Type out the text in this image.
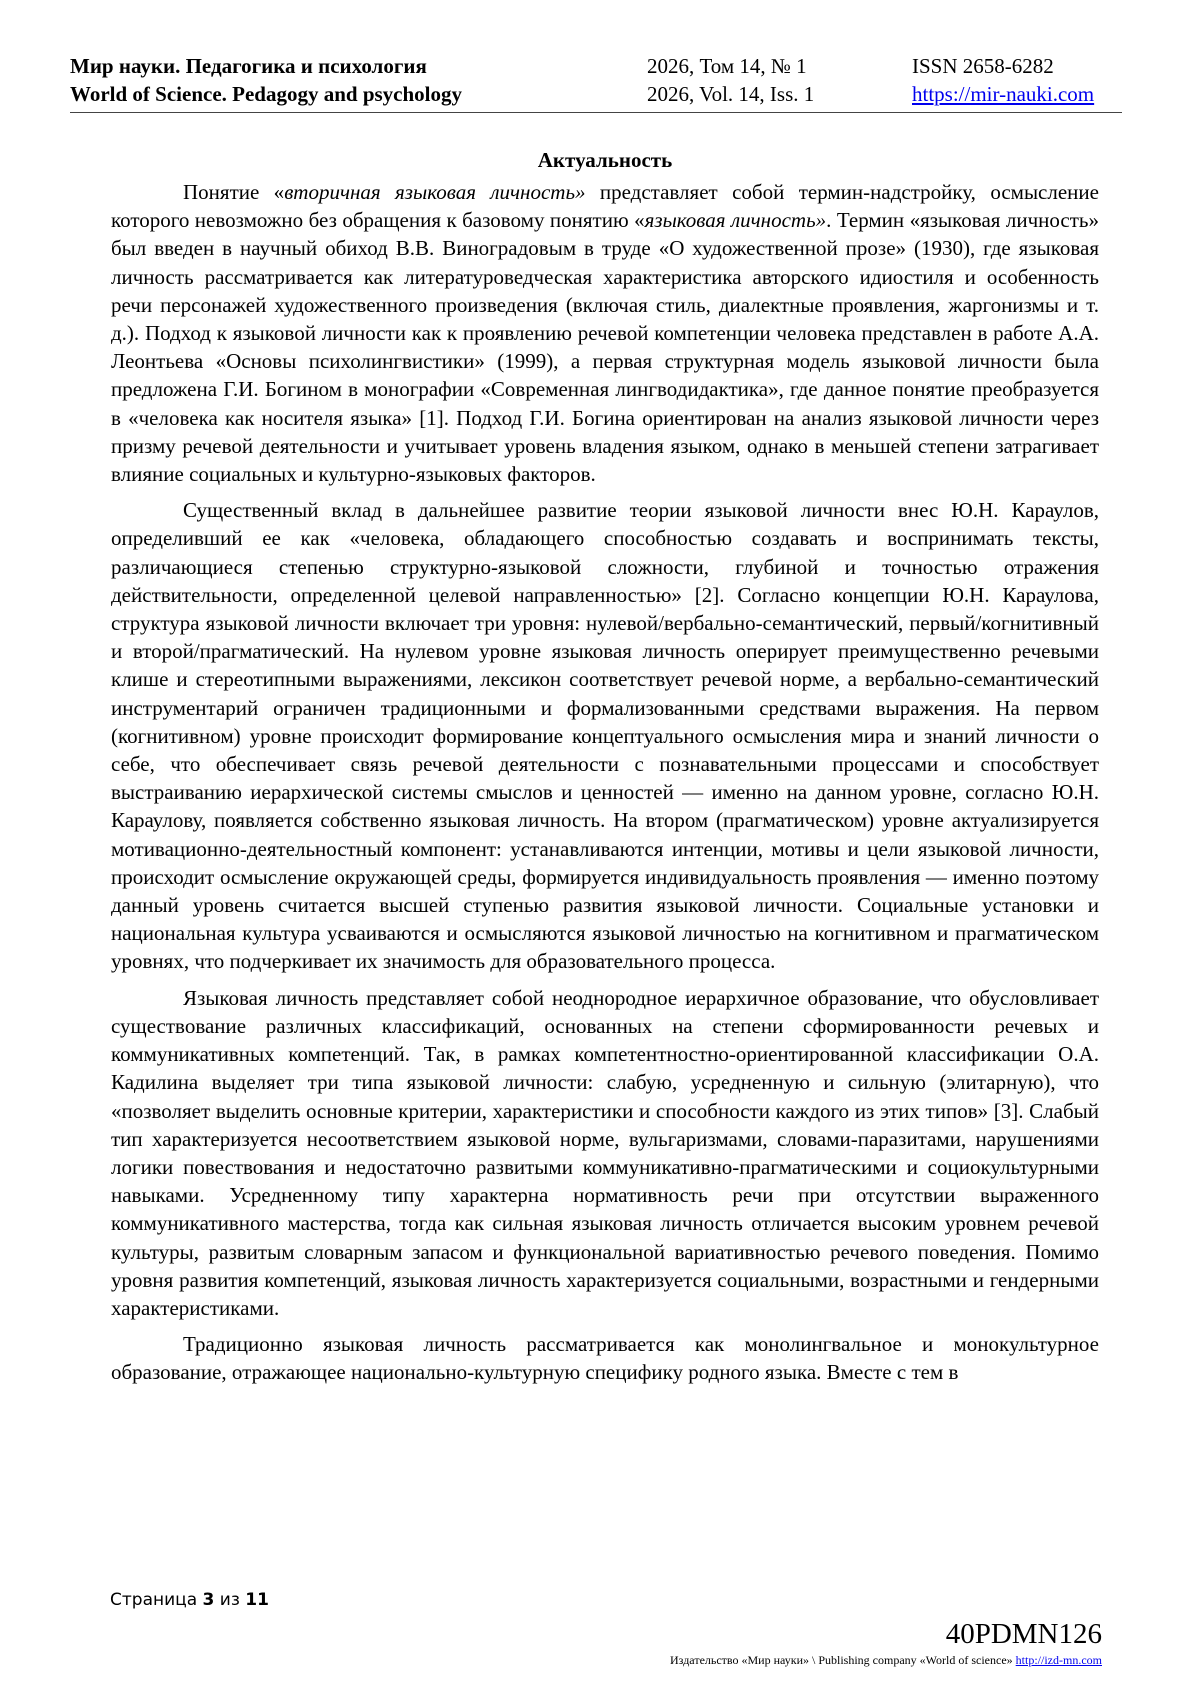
Мир науки. Педагогика и психология
World of Science. Pedagogy and psychology
2026, Том 14, № 1
2026, Vol. 14, Iss. 1
ISSN 2658-6282
https://mir-nauki.com
Актуальность

Понятие «вторичная языковая личность» представляет собой термин-надстройку, осмысление которого невозможно без обращения к базовому понятию «языковая личность». Термин «языковая личность» был введен в научный обиход В.В. Виноградовым в труде «О художественной прозе» (1930), где языковая личность рассматривается как литературоведческая характеристика авторского идиостиля и особенность речи персонажей художественного произведения (включая стиль, диалектные проявления, жаргонизмы и т. д.). Подход к языковой личности как к проявлению речевой компетенции человека представлен в работе А.А. Леонтьева «Основы психолингвистики» (1999), а первая структурная модель языковой личности была предложена Г.И. Богином в монографии «Современная лингводидактика», где данное понятие преобразуется в «человека как носителя языка» [1]. Подход Г.И. Богина ориентирован на анализ языковой личности через призму речевой деятельности и учитывает уровень владения языком, однако в меньшей степени затрагивает влияние социальных и культурно-языковых факторов.

Существенный вклад в дальнейшее развитие теории языковой личности внес Ю.Н. Караулов, определивший ее как «человека, обладающего способностью создавать и воспринимать тексты, различающиеся степенью структурно-языковой сложности, глубиной и точностью отражения действительности, определенной целевой направленностью» [2]. Согласно концепции Ю.Н. Караулова, структура языковой личности включает три уровня: нулевой/вербально-семантический, первый/когнитивный и второй/прагматический. На нулевом уровне языковая личность оперирует преимущественно речевыми клише и стереотипными выражениями, лексикон соответствует речевой норме, а вербально-семантический инструментарий ограничен традиционными и формализованными средствами выражения. На первом (когнитивном) уровне происходит формирование концептуального осмысления мира и знаний личности о себе, что обеспечивает связь речевой деятельности с познавательными процессами и способствует выстраиванию иерархической системы смыслов и ценностей — именно на данном уровне, согласно Ю.Н. Караулову, появляется собственно языковая личность. На втором (прагматическом) уровне актуализируется мотивационно-деятельностный компонент: устанавливаются интенции, мотивы и цели языковой личности, происходит осмысление окружающей среды, формируется индивидуальность проявления — именно поэтому данный уровень считается высшей ступенью развития языковой личности. Социальные установки и национальная культура усваиваются и осмысляются языковой личностью на когнитивном и прагматическом уровнях, что подчеркивает их значимость для образовательного процесса.

Языковая личность представляет собой неоднородное иерархичное образование, что обусловливает существование различных классификаций, основанных на степени сформированности речевых и коммуникативных компетенций. Так, в рамках компетентностно-ориентированной классификации О.А. Кадилина выделяет три типа языковой личности: слабую, усредненную и сильную (элитарную), что «позволяет выделить основные критерии, характеристики и способности каждого из этих типов» [3]. Слабый тип характеризуется несоответствием языковой норме, вульгаризмами, словами-паразитами, нарушениями логики повествования и недостаточно развитыми коммуникативно-прагматическими и социокультурными навыками. Усредненному типу характерна нормативность речи при отсутствии выраженного коммуникативного мастерства, тогда как сильная языковая личность отличается высоким уровнем речевой культуры, развитым словарным запасом и функциональной вариативностью речевого поведения. Помимо уровня развития компетенций, языковая личность характеризуется социальными, возрастными и гендерными характеристиками.

Традиционно языковая личность рассматривается как монолингвальное и монокультурное образование, отражающее национально-культурную специфику родного языка. Вместе с тем в

Страница 3 из 11
40PDMN126
Издательство «Мир науки» \ Publishing company «World of science» http://izd-mn.com
